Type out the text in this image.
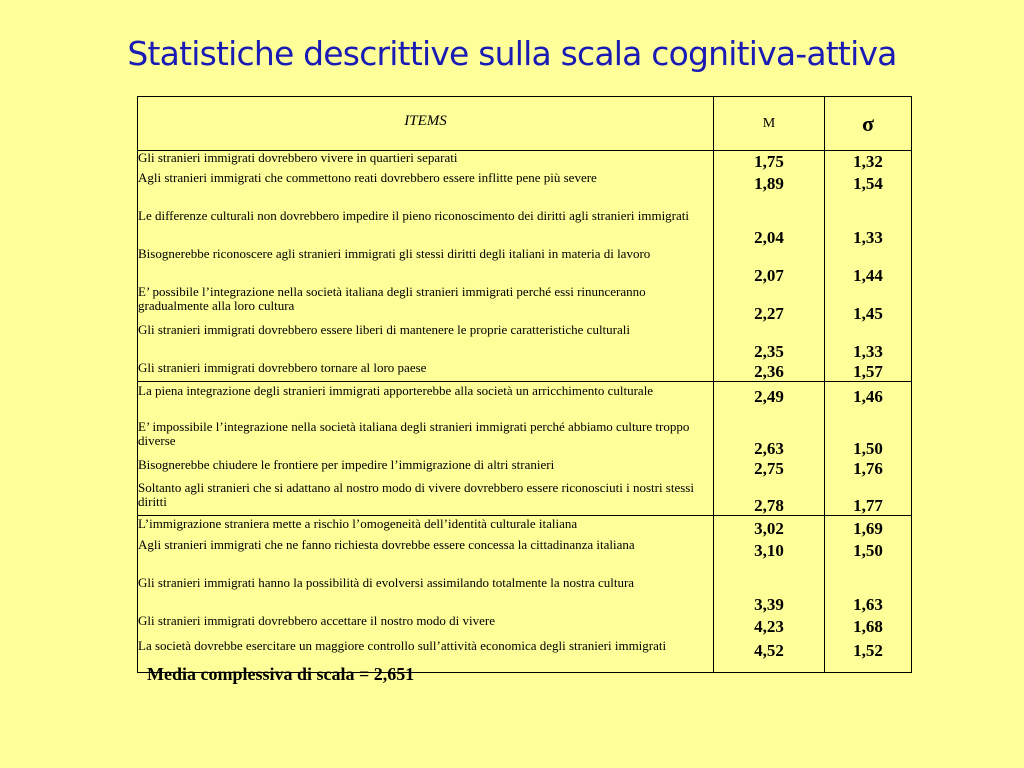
Statistiche descrittive sulla scala cognitiva-attiva
ITEMS	M	σ
Gli stranieri immigrati dovrebbero vivere in quartieri separati	1,75	1,32
Agli stranieri immigrati che commettono reati dovrebbero essere inflitte pene più severe	1,89	1,54
Le differenze culturali non dovrebbero impedire il pieno riconoscimento dei diritti agli stranieri immigrati	2,04	1,33
Bisognerebbe riconoscere agli stranieri immigrati gli stessi diritti degli italiani in materia di lavoro	2,07	1,44
E’ possibile l’integrazione nella società italiana degli stranieri immigrati perché essi rinunceranno gradualmente alla loro cultura	2,27	1,45
Gli stranieri immigrati dovrebbero essere liberi di mantenere le proprie caratteristiche culturali	2,35	1,33
Gli stranieri immigrati dovrebbero tornare al loro paese	2,36	1,57
La piena integrazione degli stranieri immigrati apporterebbe alla società un arricchimento culturale	2,49	1,46
E’ impossibile l’integrazione nella società italiana degli stranieri immigrati perché abbiamo culture troppo diverse	2,63	1,50
Bisognerebbe chiudere le frontiere per impedire l’immigrazione di altri stranieri	2,75	1,76
Soltanto agli stranieri che si adattano al nostro modo di vivere dovrebbero essere riconosciuti i nostri stessi diritti	2,78	1,77
L’immigrazione straniera mette a rischio l’omogeneità dell’identità culturale italiana	3,02	1,69
Agli stranieri immigrati che ne fanno richiesta dovrebbe essere concessa la cittadinanza italiana	3,10	1,50
Gli stranieri immigrati hanno la possibilità di evolversi assimilando totalmente la nostra cultura	3,39	1,63
Gli stranieri immigrati dovrebbero accettare il nostro modo di vivere	4,23	1,68
La società dovrebbe esercitare un maggiore controllo sull’attività economica degli stranieri immigrati	4,52	1,52
Media complessiva di scala = 2,651
